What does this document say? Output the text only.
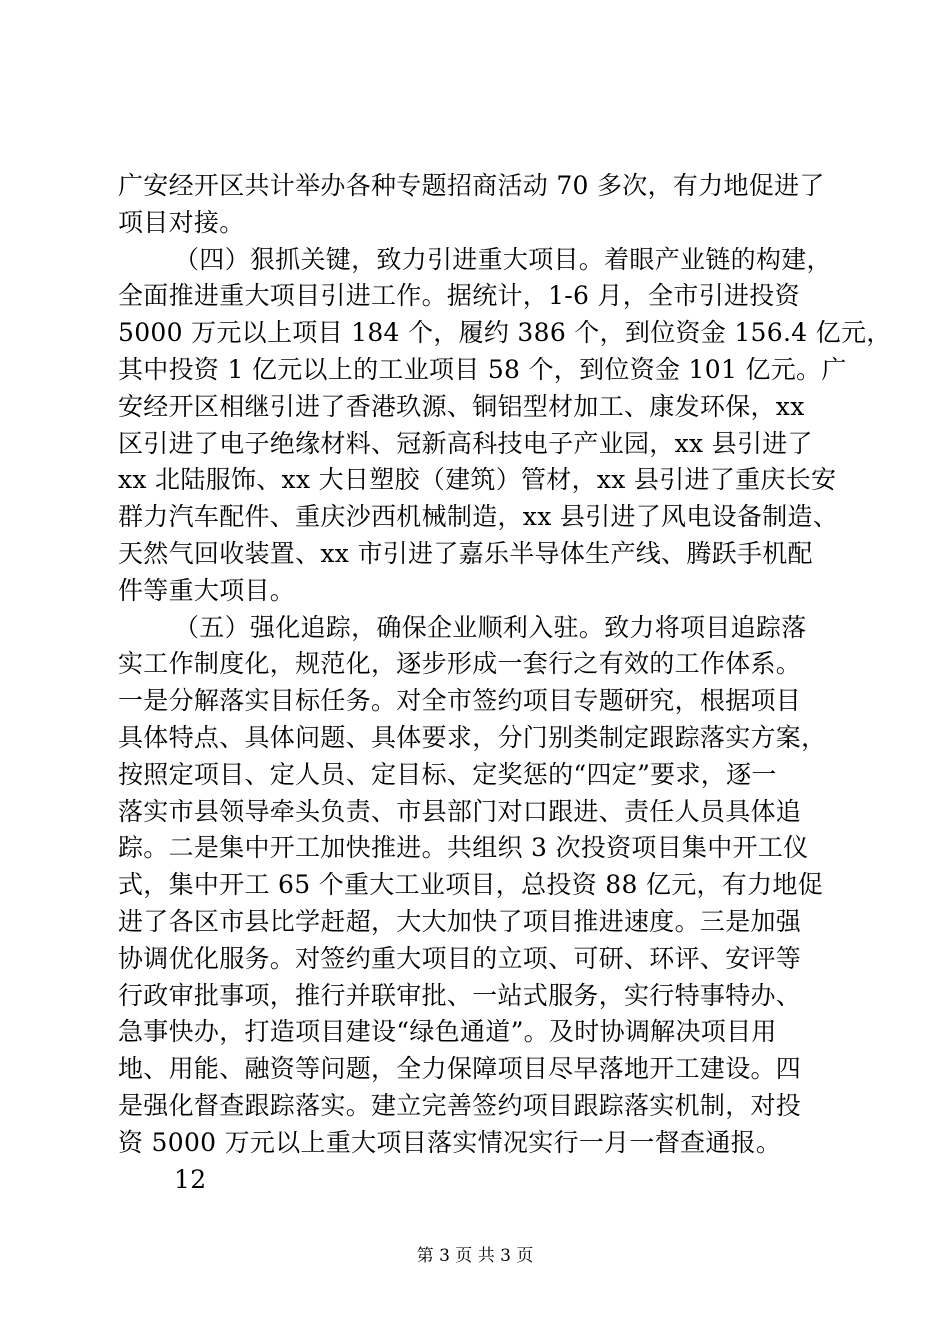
广安经开区共计举办各种专题招商活动 70 多次，有力地促进了
项目对接。
（四）狠抓关键，致力引进重大项目。着眼产业链的构建，
全面推进重大项目引进工作。据统计，1-6 月，全市引进投资
5000 万元以上项目 184 个，履约 386 个，到位资金 156.4 亿元，
其中投资 1 亿元以上的工业项目 58 个，到位资金 101 亿元。广
安经开区相继引进了香港玖源、铜铝型材加工、康发环保，xx
区引进了电子绝缘材料、冠新高科技电子产业园，xx 县引进了
xx 北陆服饰、xx 大日塑胶（建筑）管材，xx 县引进了重庆长安
群力汽车配件、重庆沙西机械制造，xx 县引进了风电设备制造、
天然气回收装置、xx 市引进了嘉乐半导体生产线、腾跃手机配
件等重大项目。
（五）强化追踪，确保企业顺利入驻。致力将项目追踪落
实工作制度化，规范化，逐步形成一套行之有效的工作体系。
一是分解落实目标任务。对全市签约项目专题研究，根据项目
具体特点、具体问题、具体要求，分门别类制定跟踪落实方案，
按照定项目、定人员、定目标、定奖惩的“四定”要求，逐一
落实市县领导牵头负责、市县部门对口跟进、责任人员具体追
踪。二是集中开工加快推进。共组织 3 次投资项目集中开工仪
式，集中开工 65 个重大工业项目，总投资 88 亿元，有力地促
进了各区市县比学赶超，大大加快了项目推进速度。三是加强
协调优化服务。对签约重大项目的立项、可研、环评、安评等
行政审批事项，推行并联审批、一站式服务，实行特事特办、
急事快办，打造项目建设“绿色通道”。及时协调解决项目用
地、用能、融资等问题，全力保障项目尽早落地开工建设。四
是强化督查跟踪落实。建立完善签约项目跟踪落实机制，对投
资 5000 万元以上重大项目落实情况实行一月一督查通报。
12
第 3 页 共 3 页
